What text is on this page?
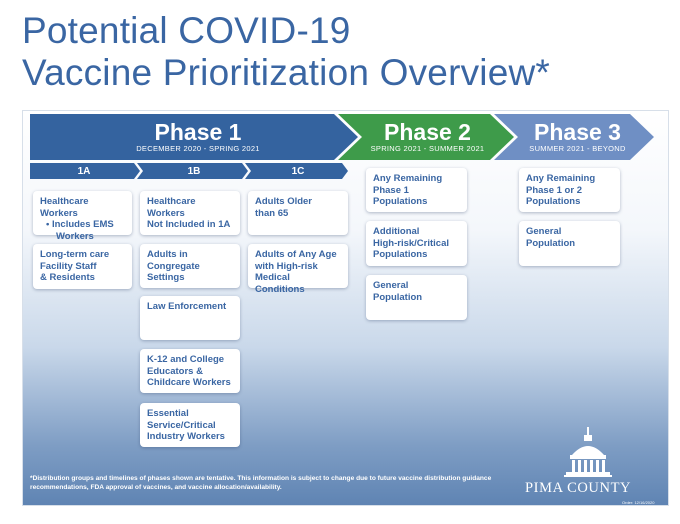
Potential COVID-19
Vaccine Prioritization Overview*
Phase 1
DECEMBER 2020 - SPRING 2021
Phase 2
SPRING 2021 - SUMMER 2021
Phase 3
SUMMER 2021 - BEYOND
1A	1B	1C
Healthcare Workers
• Includes EMS
Workers
Long-term care
Facility Staff
& Residents
Healthcare
Workers
Not Included in 1A
Adults in
Congregate
Settings
Law Enforcement
K-12 and College
Educators &
Childcare Workers
Essential
Service/Critical
Industry Workers
Adults Older
than 65
Adults of Any Age
with High-risk
Medical Conditions
Any Remaining
Phase 1
Populations
Additional
High-risk/Critical
Populations
General
Population
Any Remaining
Phase 1 or 2
Populations
General
Population
*Distribution groups and timelines of phases shown are tentative. This information is subject to change due to future vaccine distribution guidance recommendations, FDA approval of vaccines, and vaccine allocation/availability.	PIMA COUNTY
Order: 12/16/2020
